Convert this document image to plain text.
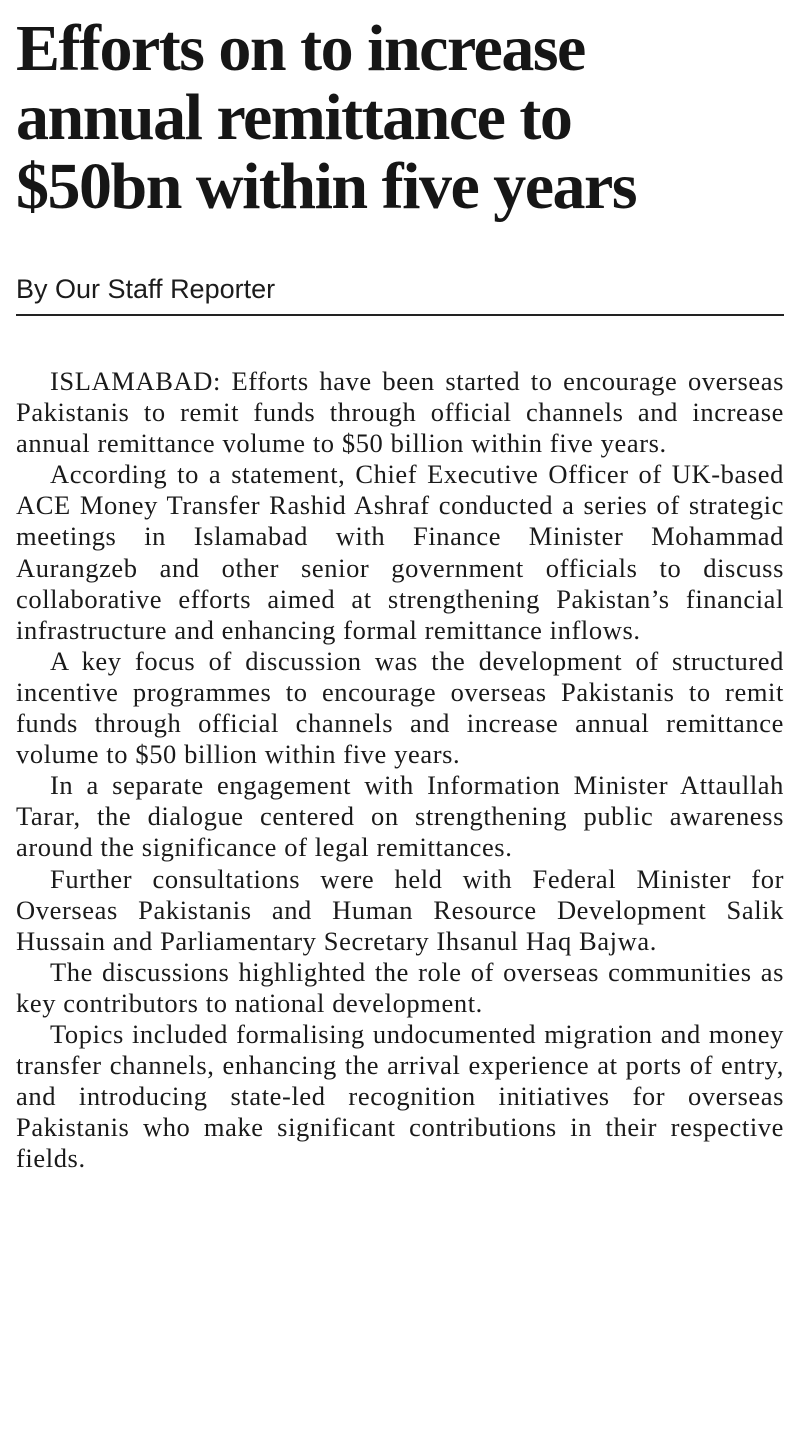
Efforts on to increase
annual remittance to
$50bn within five years
By Our Staff Reporter

ISLAMABAD: Efforts have been started to encourage overseas Pakistanis to remit funds through official channels and increase annual remittance volume to $50 billion within five years.

According to a statement, Chief Executive Officer of UK-based ACE Money Transfer Rashid Ashraf conducted a series of strategic meetings in Islamabad with Finance Minister Mohammad Aurangzeb and other senior government officials to discuss collaborative efforts aimed at strengthening Pakistan’s financial infrastructure and enhancing formal remittance inflows.

A key focus of discussion was the development of structured incentive programmes to encourage overseas Pakistanis to remit funds through official channels and increase annual remittance volume to $50 billion within five years.

In a separate engagement with Information Minister Attaullah Tarar, the dialogue centered on strengthening public awareness around the significance of legal remittances.

Further consultations were held with Federal Minister for Overseas Pakistanis and Human Resource Development Salik Hussain and Parliamentary Secretary Ihsanul Haq Bajwa.

The discussions highlighted the role of overseas communities as key contributors to national development.

Topics included formalising undocumented migration and money transfer channels, enhancing the arrival experience at ports of entry, and introducing state-led recognition initiatives for overseas Pakistanis who make significant contributions in their respective fields.
